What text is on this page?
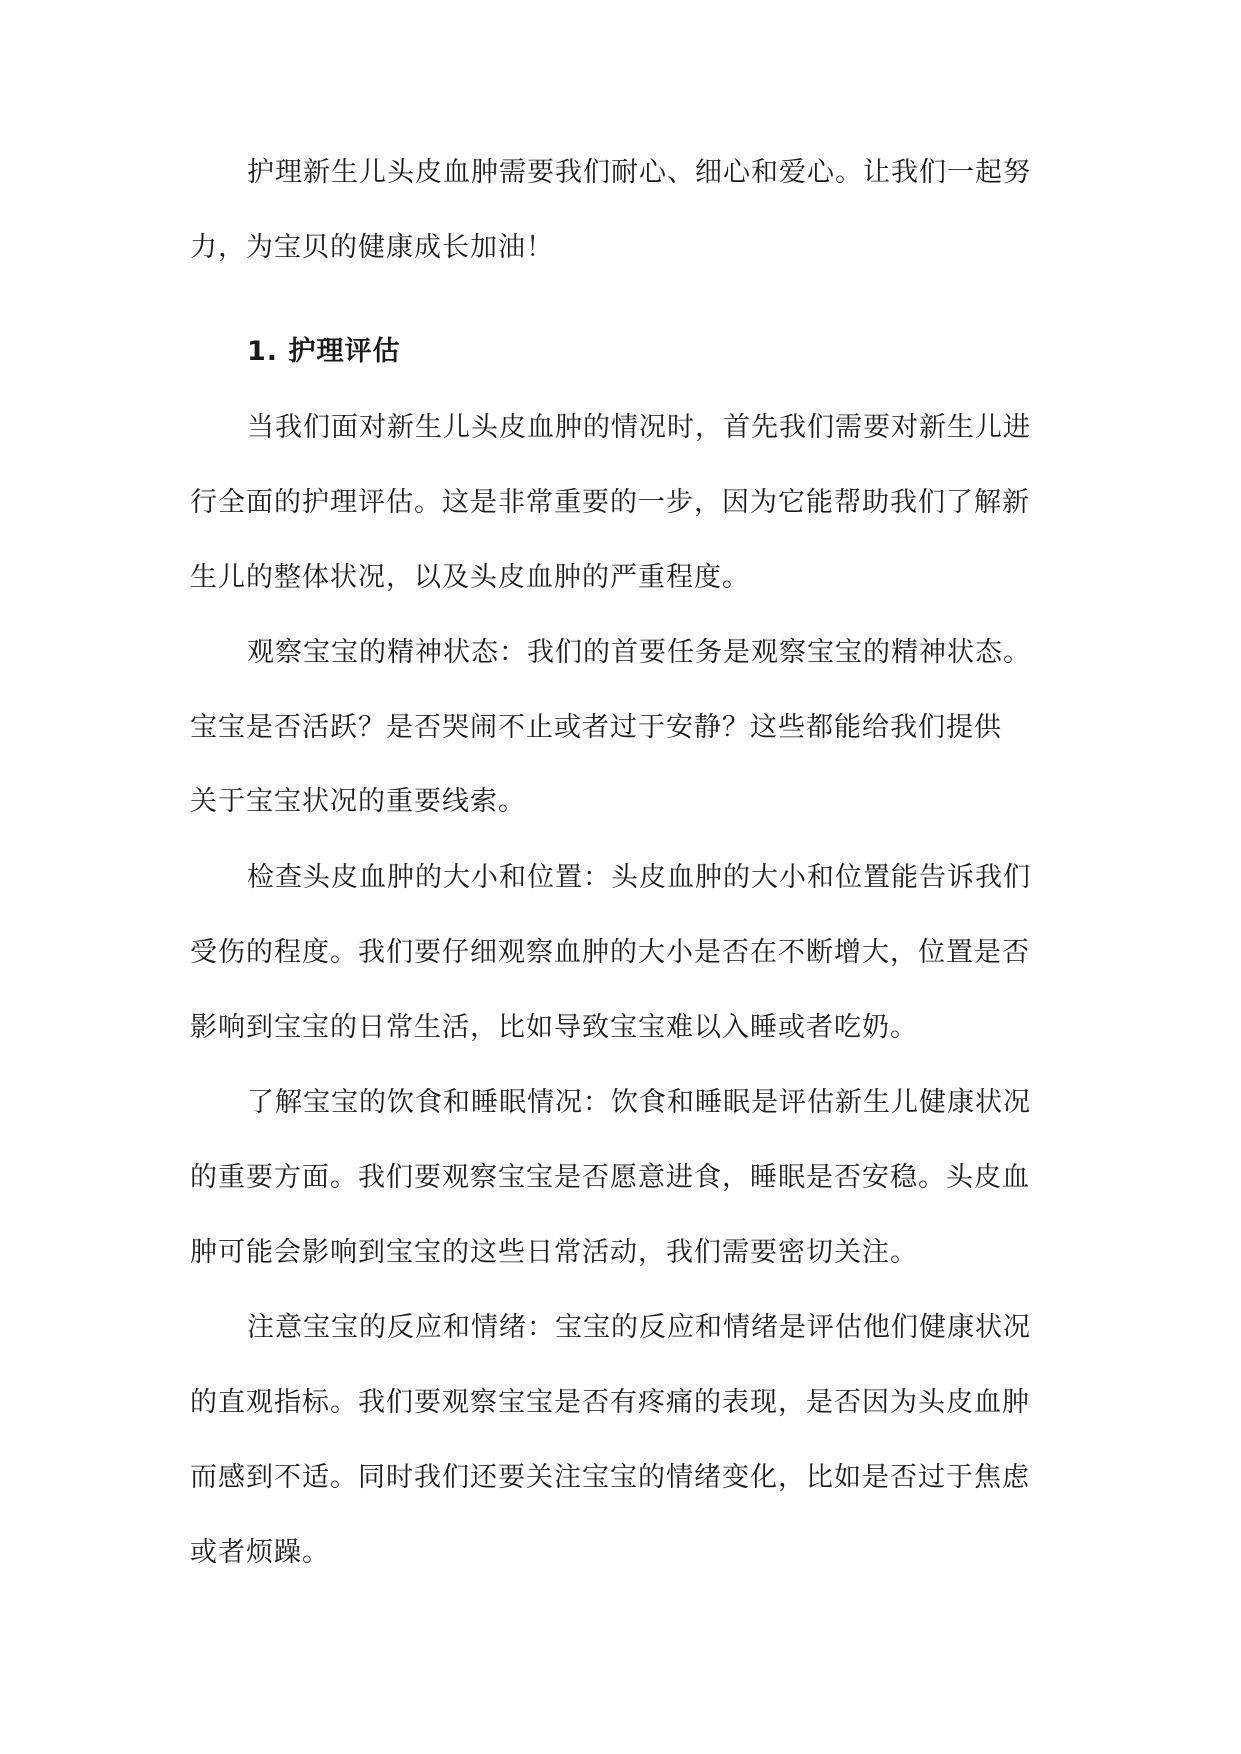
护理新生儿头皮血肿需要我们耐心、细心和爱心。让我们一起努
力，为宝贝的健康成长加油！
1. 护理评估
当我们面对新生儿头皮血肿的情况时，首先我们需要对新生儿进
行全面的护理评估。这是非常重要的一步，因为它能帮助我们了解新
生儿的整体状况，以及头皮血肿的严重程度。
观察宝宝的精神状态：我们的首要任务是观察宝宝的精神状态。
宝宝是否活跃？是否哭闹不止或者过于安静？这些都能给我们提供
关于宝宝状况的重要线索。
检查头皮血肿的大小和位置：头皮血肿的大小和位置能告诉我们
受伤的程度。我们要仔细观察血肿的大小是否在不断增大，位置是否
影响到宝宝的日常生活，比如导致宝宝难以入睡或者吃奶。
了解宝宝的饮食和睡眠情况：饮食和睡眠是评估新生儿健康状况
的重要方面。我们要观察宝宝是否愿意进食，睡眠是否安稳。头皮血
肿可能会影响到宝宝的这些日常活动，我们需要密切关注。
注意宝宝的反应和情绪：宝宝的反应和情绪是评估他们健康状况
的直观指标。我们要观察宝宝是否有疼痛的表现，是否因为头皮血肿
而感到不适。同时我们还要关注宝宝的情绪变化，比如是否过于焦虑
或者烦躁。
